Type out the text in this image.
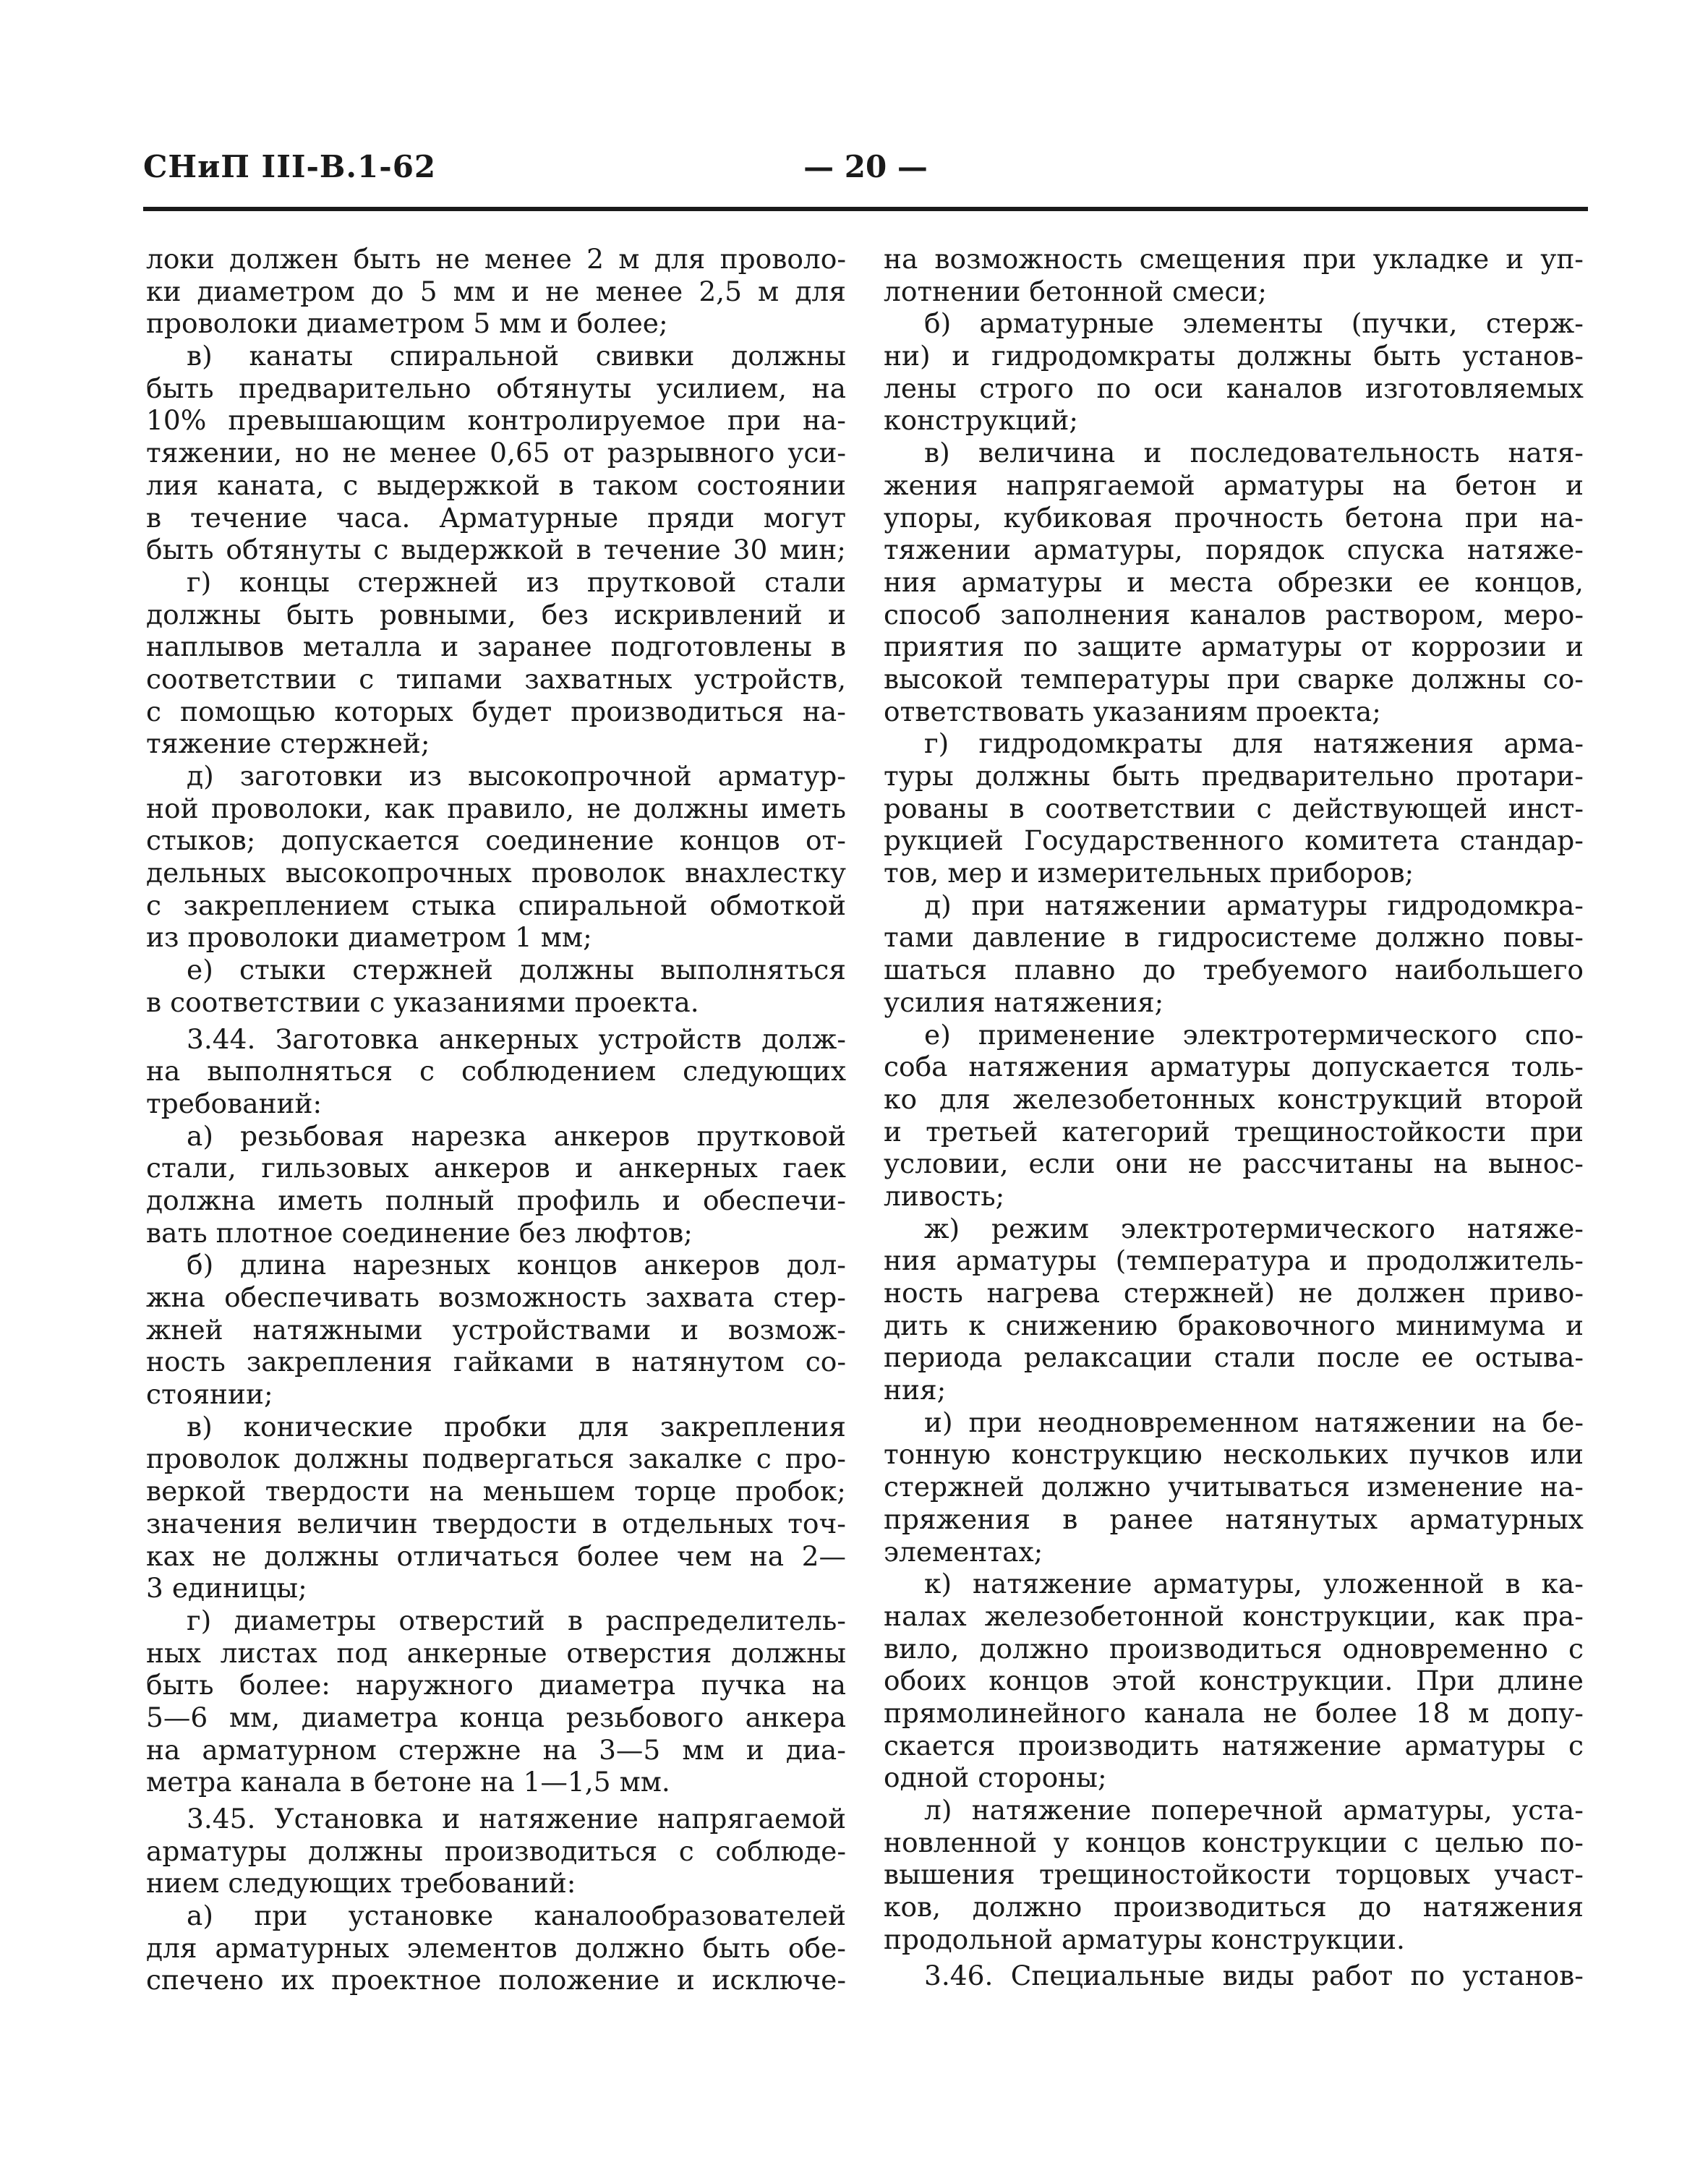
СНиП III-В.1-62	— 20 —
локи должен быть не менее 2 м для проволо-
ки диаметром до 5 мм и не менее 2,5 м для
проволоки диаметром 5 мм и более;
в) канаты спиральной свивки должны
быть предварительно обтянуты усилием, на
10% превышающим контролируемое при на-
тяжении, но не менее 0,65 от разрывного уси-
лия каната, с выдержкой в таком состоянии
в течение часа. Арматурные пряди могут
быть обтянуты с выдержкой в течение 30 мин;
г) концы стержней из прутковой стали
должны быть ровными, без искривлений и
наплывов металла и заранее подготовлены в
соответствии с типами захватных устройств,
с помощью которых будет производиться на-
тяжение стержней;
д) заготовки из высокопрочной арматур-
ной проволоки, как правило, не должны иметь
стыков; допускается соединение концов от-
дельных высокопрочных проволок внахлестку
с закреплением стыка спиральной обмоткой
из проволоки диаметром 1 мм;
е) стыки стержней должны выполняться
в соответствии с указаниями проекта.
3.44. Заготовка анкерных устройств долж-
на выполняться с соблюдением следующих
требований:
а) резьбовая нарезка анкеров прутковой
стали, гильзовых анкеров и анкерных гаек
должна иметь полный профиль и обеспечи-
вать плотное соединение без люфтов;
б) длина нарезных концов анкеров дол-
жна обеспечивать возможность захвата стер-
жней натяжными устройствами и возмож-
ность закрепления гайками в натянутом со-
стоянии;
в) конические пробки для закрепления
проволок должны подвергаться закалке с про-
веркой твердости на меньшем торце пробок;
значения величин твердости в отдельных точ-
ках не должны отличаться более чем на 2—
3 единицы;
г) диаметры отверстий в распределитель-
ных листах под анкерные отверстия должны
быть более: наружного диаметра пучка на
5—6 мм, диаметра конца резьбового анкера
на арматурном стержне на 3—5 мм и диа-
метра канала в бетоне на 1—1,5 мм.
3.45. Установка и натяжение напрягаемой
арматуры должны производиться с соблюде-
нием следующих требований:
а) при установке каналообразователей
для арматурных элементов должно быть обе-
спечено их проектное положение и исключе-
на возможность смещения при укладке и уп-
лотнении бетонной смеси;
б) арматурные элементы (пучки, стерж-
ни) и гидродомкраты должны быть установ-
лены строго по оси каналов изготовляемых
конструкций;
в) величина и последовательность натя-
жения напрягаемой арматуры на бетон и
упоры, кубиковая прочность бетона при на-
тяжении арматуры, порядок спуска натяже-
ния арматуры и места обрезки ее концов,
способ заполнения каналов раствором, меро-
приятия по защите арматуры от коррозии и
высокой температуры при сварке должны со-
ответствовать указаниям проекта;
г) гидродомкраты для натяжения арма-
туры должны быть предварительно протари-
рованы в соответствии с действующей инст-
рукцией Государственного комитета стандар-
тов, мер и измерительных приборов;
д) при натяжении арматуры гидродомкра-
тами давление в гидросистеме должно повы-
шаться плавно до требуемого наибольшего
усилия натяжения;
е) применение электротермического спо-
соба натяжения арматуры допускается толь-
ко для железобетонных конструкций второй
и третьей категорий трещиностойкости при
условии, если они не рассчитаны на вынос-
ливость;
ж) режим электротермического натяже-
ния арматуры (температура и продолжитель-
ность нагрева стержней) не должен приво-
дить к снижению браковочного минимума и
периода релаксации стали после ее остыва-
ния;
и) при неодновременном натяжении на бе-
тонную конструкцию нескольких пучков или
стержней должно учитываться изменение на-
пряжения в ранее натянутых арматурных
элементах;
к) натяжение арматуры, уложенной в ка-
налах железобетонной конструкции, как пра-
вило, должно производиться одновременно с
обоих концов этой конструкции. При длине
прямолинейного канала не более 18 м допу-
скается производить натяжение арматуры с
одной стороны;
л) натяжение поперечной арматуры, уста-
новленной у концов конструкции с целью по-
вышения трещиностойкости торцовых участ-
ков, должно производиться до натяжения
продольной арматуры конструкции.
3.46. Специальные виды работ по установ-
